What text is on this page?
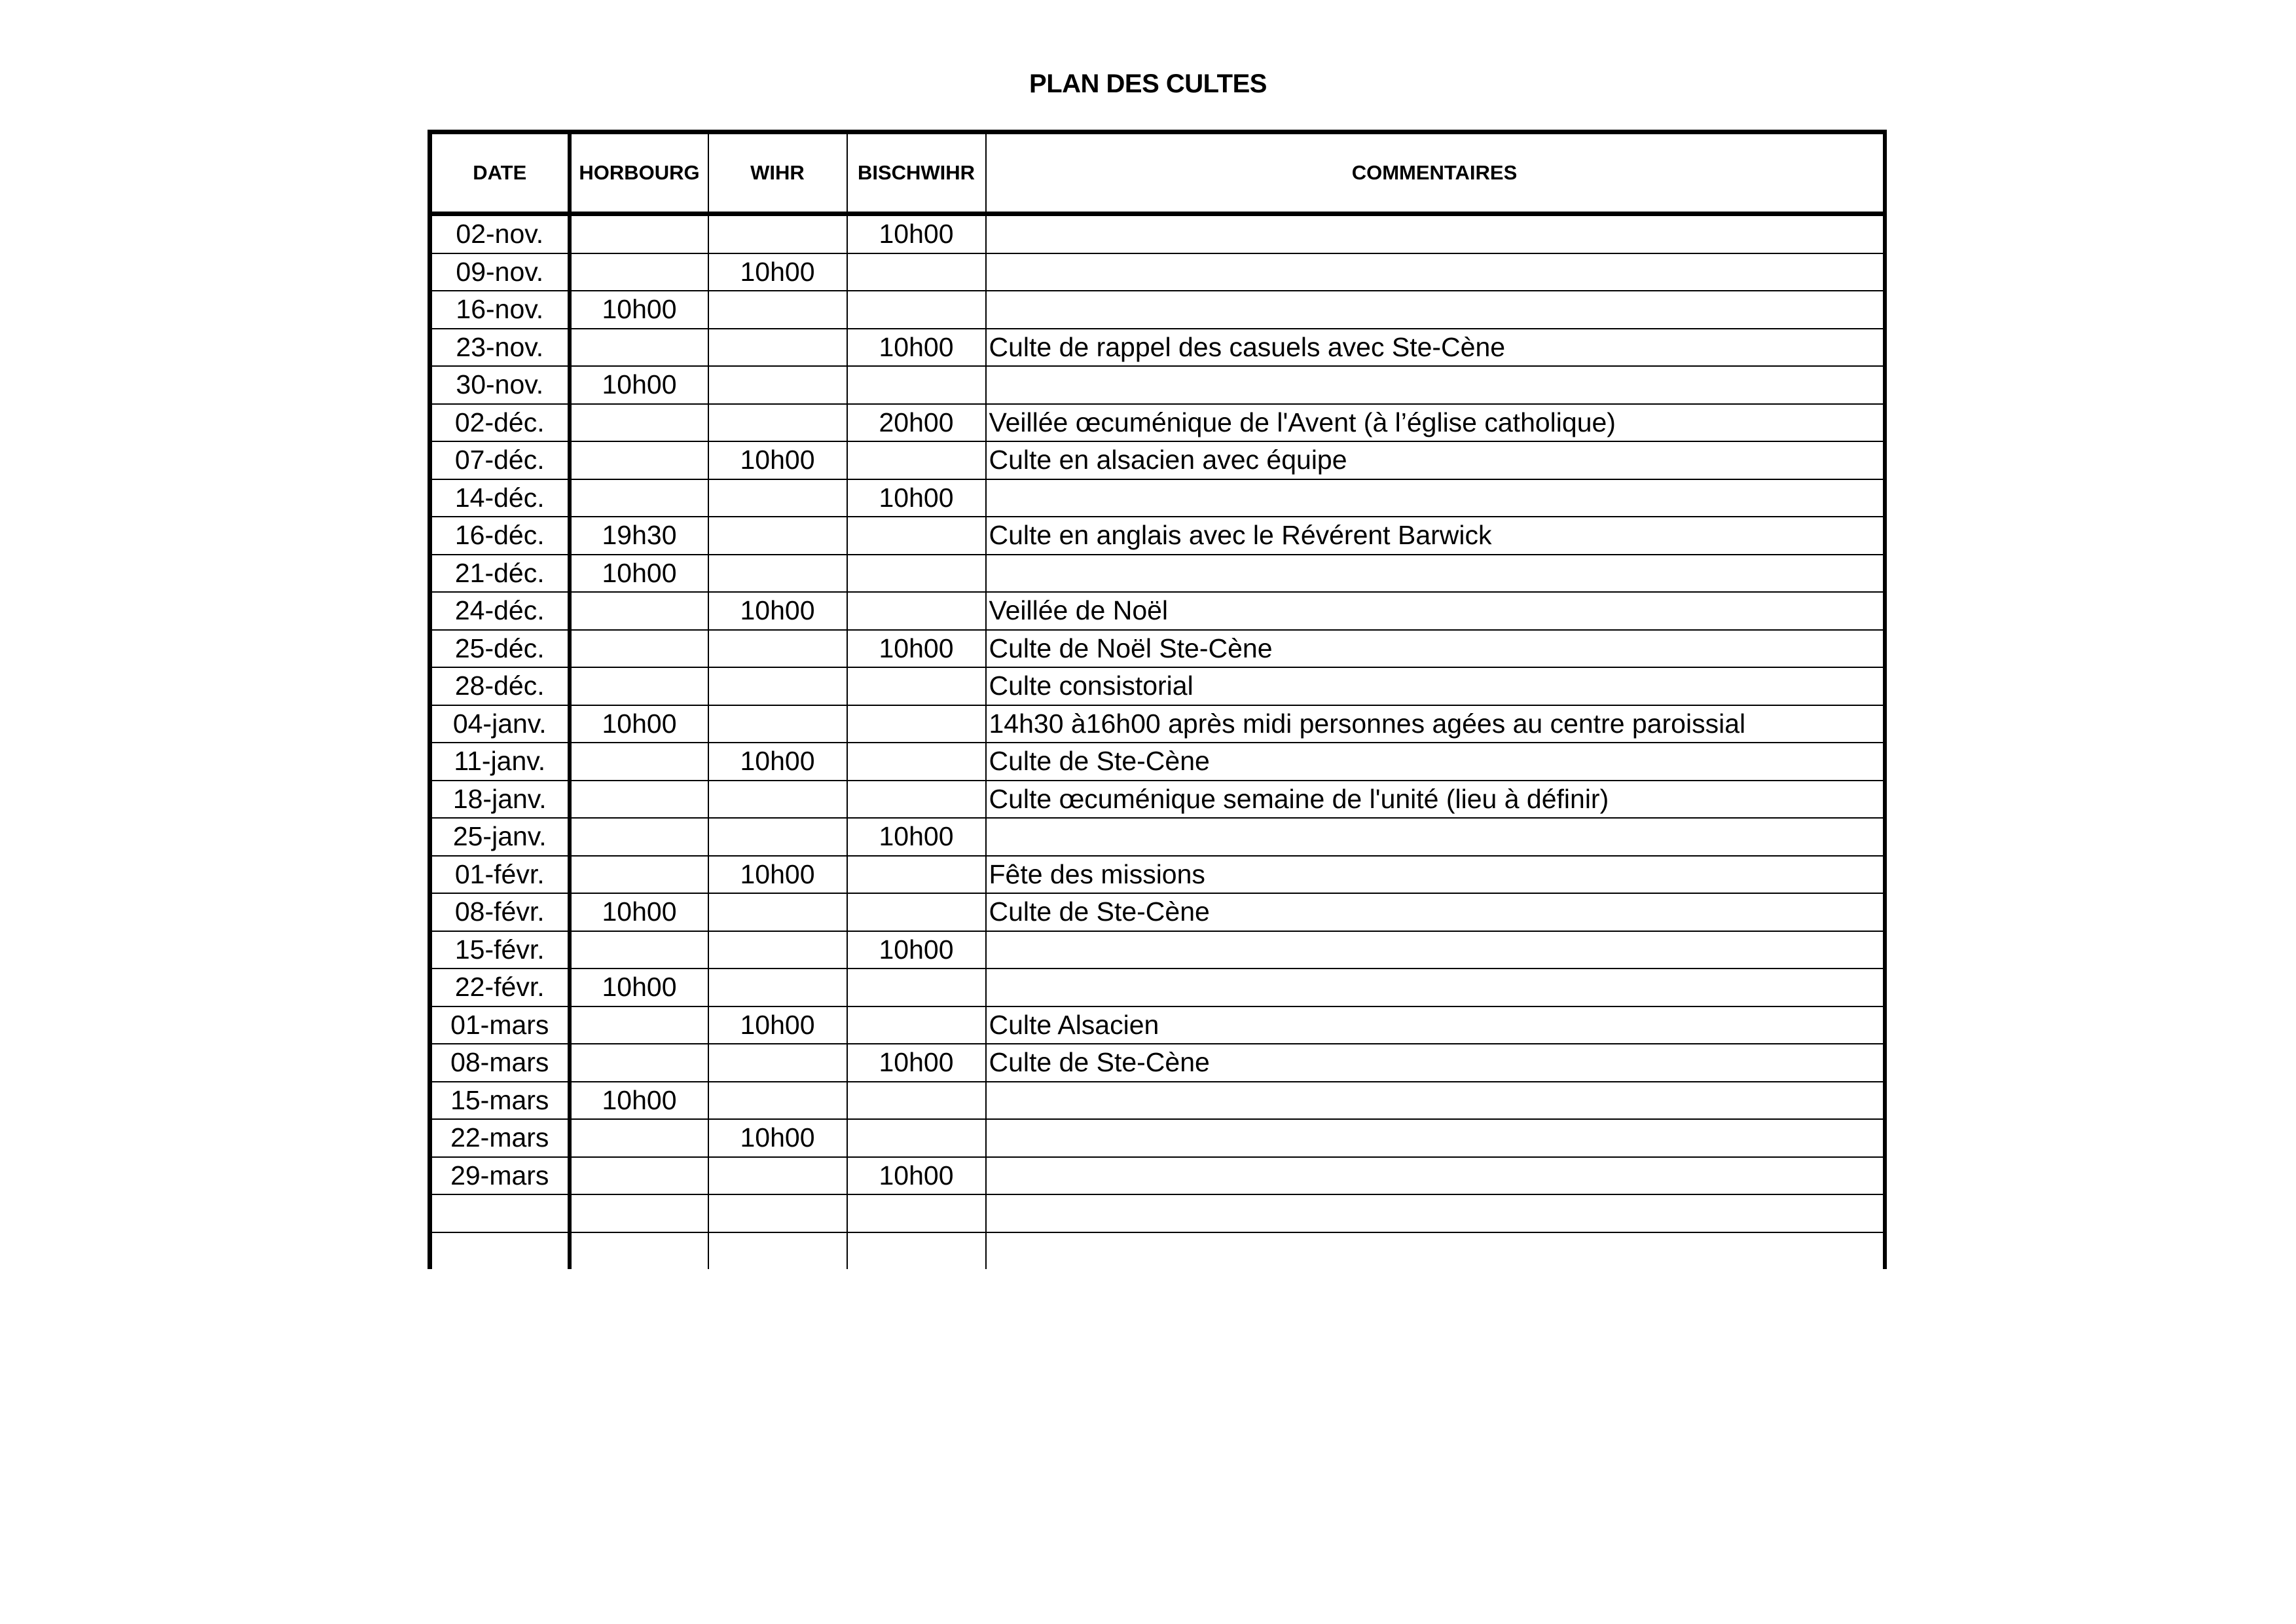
PLAN DES CULTES
DATE	HORBOURG	WIHR	BISCHWIHR	COMMENTAIRES
02-nov.			10h00	
09-nov.		10h00		
16-nov.	10h00			
23-nov.			10h00	Culte de rappel des casuels avec Ste-Cène
30-nov.	10h00			
02-déc.			20h00	Veillée œcuménique de l'Avent (à l’église catholique)
07-déc.		10h00		Culte en alsacien avec équipe
14-déc.			10h00	
16-déc.	19h30			Culte en anglais avec le Révérent Barwick
21-déc.	10h00			
24-déc.		10h00		Veillée de Noël
25-déc.			10h00	Culte de Noël Ste-Cène
28-déc.				Culte consistorial
04-janv.	10h00			14h30 à16h00 après midi personnes agées au centre paroissial
11-janv.		10h00		Culte de Ste-Cène
18-janv.				Culte œcuménique semaine de l'unité (lieu à définir)
25-janv.			10h00	
01-févr.		10h00		Fête des missions
08-févr.	10h00			Culte de Ste-Cène
15-févr.			10h00	
22-févr.	10h00			
01-mars		10h00		Culte Alsacien
08-mars			10h00	Culte de Ste-Cène
15-mars	10h00			
22-mars		10h00		
29-mars			10h00	
